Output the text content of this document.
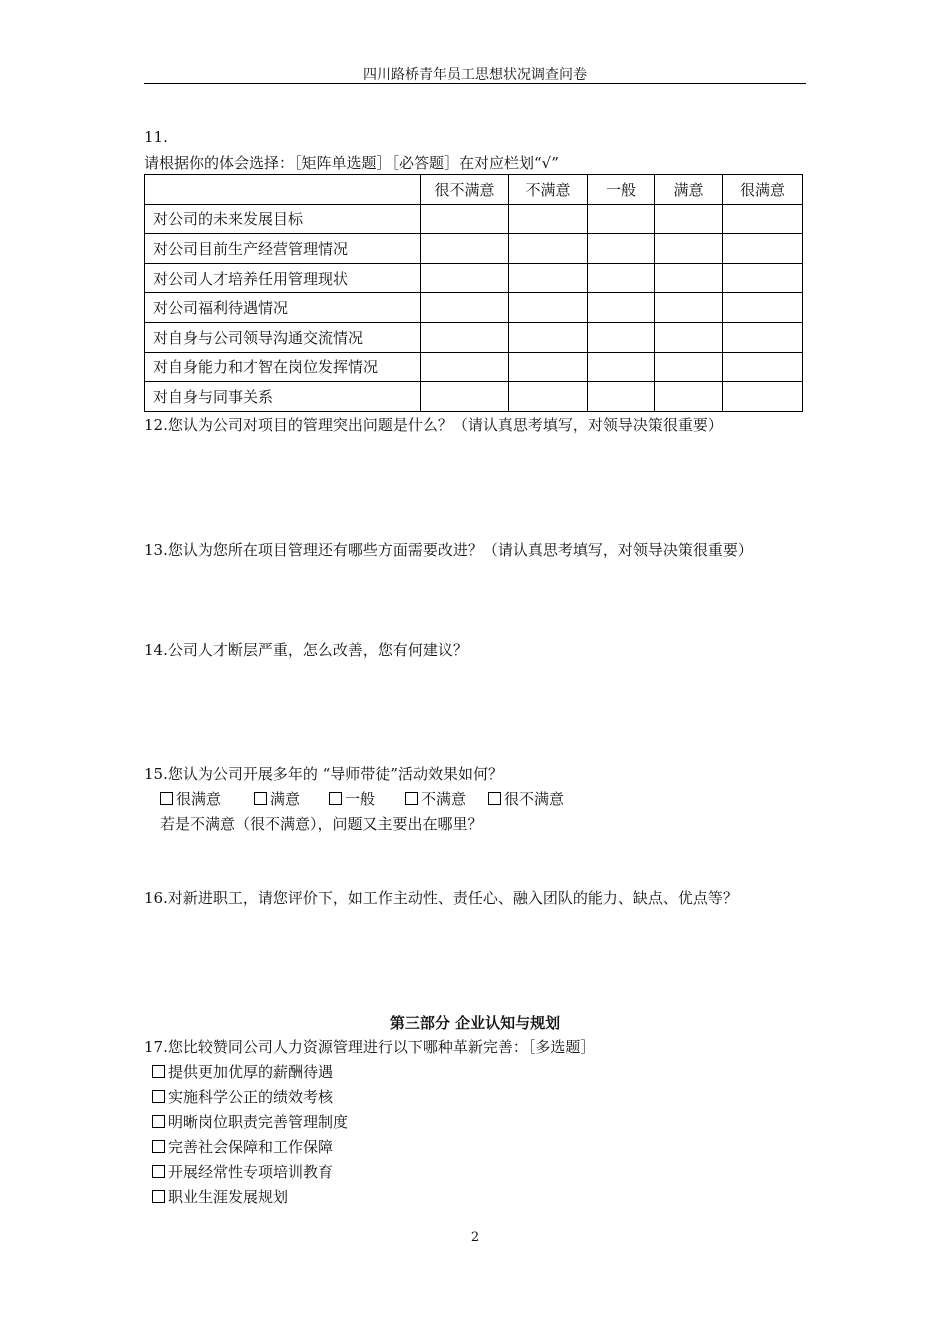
四川路桥青年员工思想状况调查问卷
11.
请根据你的体会选择：［矩阵单选题］［必答题］在对应栏划“√”
	很不满意	不满意	一般	满意	很满意
对公司的未来发展目标					
对公司目前生产经营管理情况					
对公司人才培养任用管理现状					
对公司福利待遇情况					
对自身与公司领导沟通交流情况					
对自身能力和才智在岗位发挥情况					
对自身与同事关系					
12.您认为公司对项目的管理突出问题是什么？（请认真思考填写，对领导决策很重要）
13.您认为您所在项目管理还有哪些方面需要改进？（请认真思考填写，对领导决策很重要）
14.公司人才断层严重，怎么改善，您有何建议？
15.您认为公司开展多年的 “导师带徒”活动效果如何？
很满意	满意	一般	不满意	很不满意
若是不满意（很不满意），问题又主要出在哪里？
16.对新进职工，请您评价下，如工作主动性、责任心、融入团队的能力、缺点、优点等？
第三部分 企业认知与规划
17.您比较赞同公司人力资源管理进行以下哪种革新完善：［多选题］
提供更加优厚的薪酬待遇
实施科学公正的绩效考核
明晰岗位职责完善管理制度
完善社会保障和工作保障
开展经常性专项培训教育
职业生涯发展规划
2
